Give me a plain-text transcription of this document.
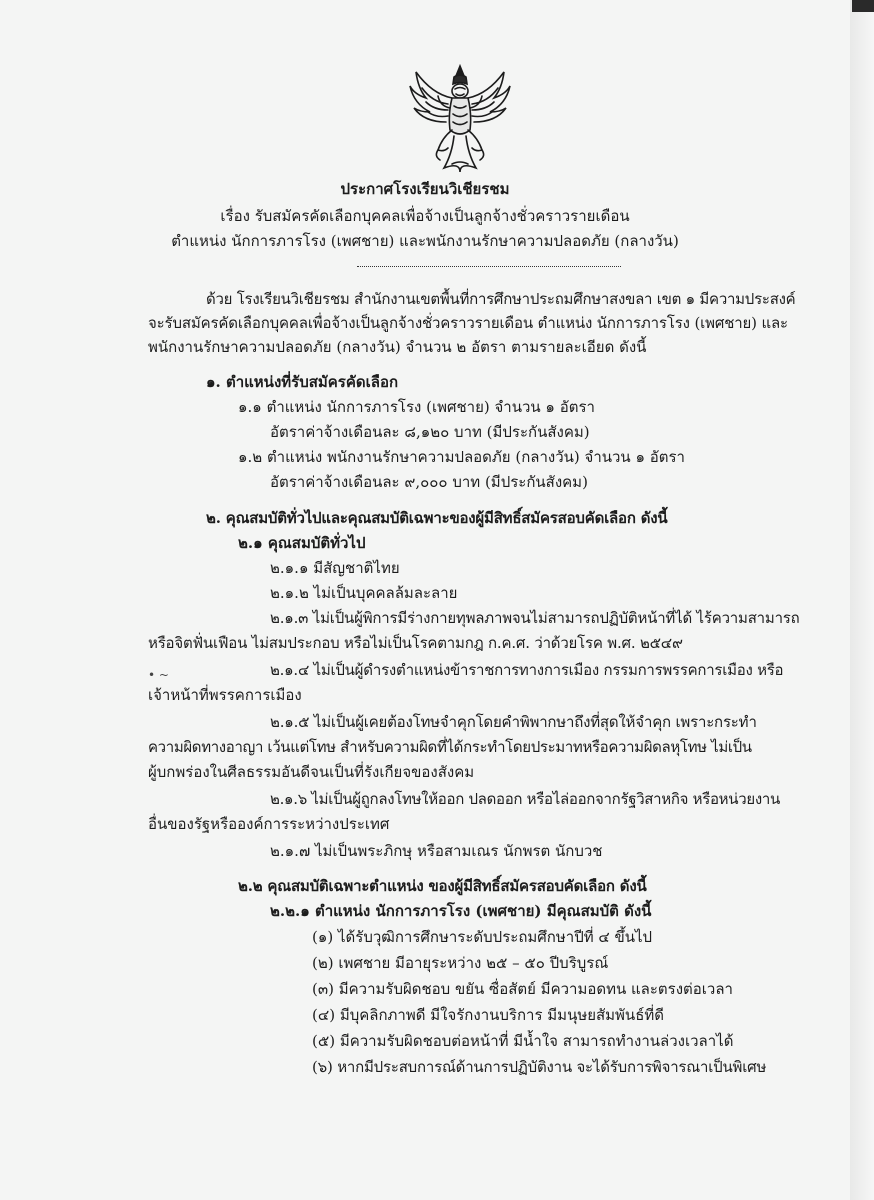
ประกาศโรงเรียนวิเชียรชม
เรื่อง รับสมัครคัดเลือกบุคคลเพื่อจ้างเป็นลูกจ้างชั่วคราวรายเดือน
ตำแหน่ง นักการภารโรง (เพศชาย) และพนักงานรักษาความปลอดภัย (กลางวัน)
ด้วย โรงเรียนวิเชียรชม สำนักงานเขตพื้นที่การศึกษาประถมศึกษาสงขลา เขต ๑ มีความประสงค์
จะรับสมัครคัดเลือกบุคคลเพื่อจ้างเป็นลูกจ้างชั่วคราวรายเดือน ตำแหน่ง นักการภารโรง (เพศชาย) และ
พนักงานรักษาความปลอดภัย (กลางวัน) จำนวน ๒ อัตรา ตามรายละเอียด ดังนี้
๑. ตำแหน่งที่รับสมัครคัดเลือก
๑.๑ ตำแหน่ง นักการภารโรง (เพศชาย) จำนวน ๑ อัตรา
อัตราค่าจ้างเดือนละ ๘,๑๒๐ บาท (มีประกันสังคม)
๑.๒ ตำแหน่ง พนักงานรักษาความปลอดภัย (กลางวัน) จำนวน ๑ อัตรา
อัตราค่าจ้างเดือนละ ๙,๐๐๐ บาท (มีประกันสังคม)
๒. คุณสมบัติทั่วไปและคุณสมบัติเฉพาะของผู้มีสิทธิ์สมัครสอบคัดเลือก ดังนี้
๒.๑ คุณสมบัติทั่วไป
๒.๑.๑ มีสัญชาติไทย
๒.๑.๒ ไม่เป็นบุคคลล้มละลาย
๒.๑.๓ ไม่เป็นผู้พิการมีร่างกายทุพลภาพจนไม่สามารถปฏิบัติหน้าที่ได้ ไร้ความสามารถ
หรือจิตฟั่นเฟือน ไม่สมประกอบ หรือไม่เป็นโรคตามกฎ ก.ค.ศ. ว่าด้วยโรค พ.ศ. ๒๕๔๙
• ~	๒.๑.๔ ไม่เป็นผู้ดำรงตำแหน่งข้าราชการทางการเมือง กรรมการพรรคการเมือง หรือ
เจ้าหน้าที่พรรคการเมือง
๒.๑.๕ ไม่เป็นผู้เคยต้องโทษจำคุกโดยคำพิพากษาถึงที่สุดให้จำคุก เพราะกระทำ
ความผิดทางอาญา เว้นแต่โทษ สำหรับความผิดที่ได้กระทำโดยประมาทหรือความผิดลหุโทษ ไม่เป็น
ผู้บกพร่องในศีลธรรมอันดีจนเป็นที่รังเกียจของสังคม
๒.๑.๖ ไม่เป็นผู้ถูกลงโทษให้ออก ปลดออก หรือไล่ออกจากรัฐวิสาหกิจ หรือหน่วยงาน
อื่นของรัฐหรือองค์การระหว่างประเทศ
๒.๑.๗ ไม่เป็นพระภิกษุ หรือสามเณร นักพรต นักบวช
๒.๒ คุณสมบัติเฉพาะตำแหน่ง ของผู้มีสิทธิ์สมัครสอบคัดเลือก ดังนี้
๒.๒.๑ ตำแหน่ง นักการภารโรง (เพศชาย) มีคุณสมบัติ ดังนี้
(๑) ได้รับวุฒิการศึกษาระดับประถมศึกษาปีที่ ๔ ขึ้นไป
(๒) เพศชาย มีอายุระหว่าง ๒๕ – ๕๐ ปีบริบูรณ์
(๓) มีความรับผิดชอบ ขยัน ซื่อสัตย์ มีความอดทน และตรงต่อเวลา
(๔) มีบุคลิกภาพดี มีใจรักงานบริการ มีมนุษยสัมพันธ์ที่ดี
(๕) มีความรับผิดชอบต่อหน้าที่ มีน้ำใจ สามารถทำงานล่วงเวลาได้
(๖) หากมีประสบการณ์ด้านการปฏิบัติงาน จะได้รับการพิจารณาเป็นพิเศษ
